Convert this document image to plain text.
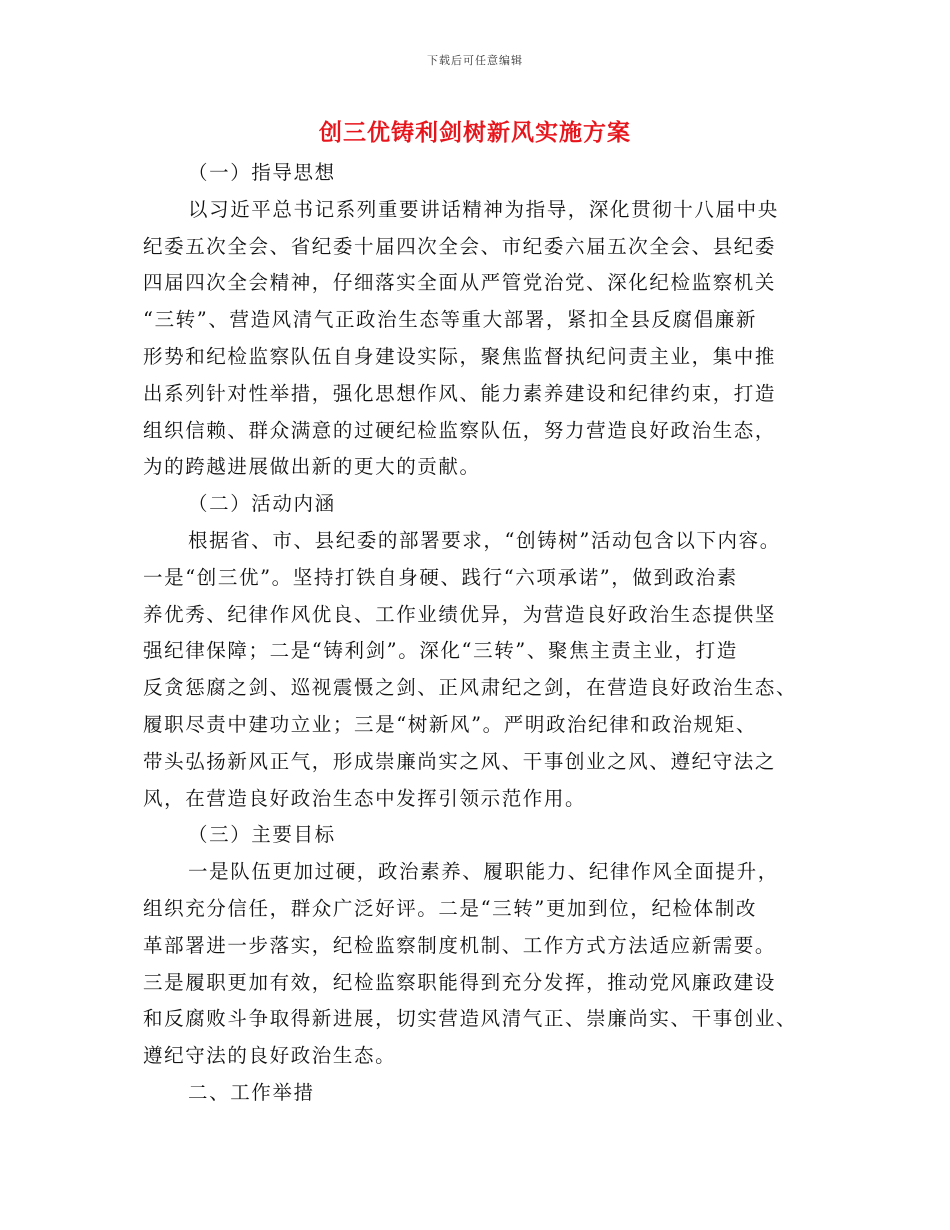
下载后可任意编辑
创三优铸利剑树新风实施方案
（一）指导思想
以习近平总书记系列重要讲话精神为指导，深化贯彻十八届中央
纪委五次全会、省纪委十届四次全会、市纪委六届五次全会、县纪委
四届四次全会精神，仔细落实全面从严管党治党、深化纪检监察机关
“三转”、营造风清气正政治生态等重大部署，紧扣全县反腐倡廉新
形势和纪检监察队伍自身建设实际，聚焦监督执纪问责主业，集中推
出系列针对性举措，强化思想作风、能力素养建设和纪律约束，打造
组织信赖、群众满意的过硬纪检监察队伍，努力营造良好政治生态，
为的跨越进展做出新的更大的贡献。
（二）活动内涵
根据省、市、县纪委的部署要求，“创铸树”活动包含以下内容。
一是“创三优”。坚持打铁自身硬、践行“六项承诺”，做到政治素
养优秀、纪律作风优良、工作业绩优异，为营造良好政治生态提供坚
强纪律保障；二是“铸利剑”。深化“三转”、聚焦主责主业，打造
反贪惩腐之剑、巡视震慑之剑、正风肃纪之剑，在营造良好政治生态、
履职尽责中建功立业；三是“树新风”。严明政治纪律和政治规矩、
带头弘扬新风正气，形成崇廉尚实之风、干事创业之风、遵纪守法之
风，在营造良好政治生态中发挥引领示范作用。
（三）主要目标
一是队伍更加过硬，政治素养、履职能力、纪律作风全面提升，
组织充分信任，群众广泛好评。二是“三转”更加到位，纪检体制改
革部署进一步落实，纪检监察制度机制、工作方式方法适应新需要。
三是履职更加有效，纪检监察职能得到充分发挥，推动党风廉政建设
和反腐败斗争取得新进展，切实营造风清气正、崇廉尚实、干事创业、
遵纪守法的良好政治生态。
二、工作举措
